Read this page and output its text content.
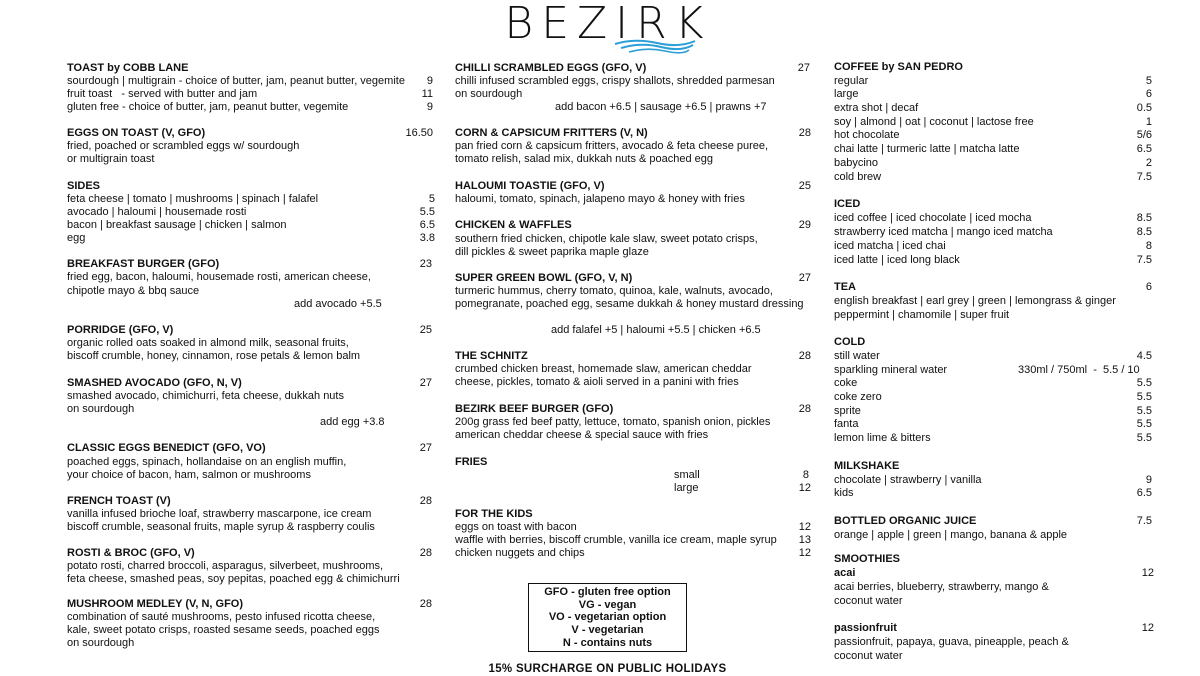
BEZIRK
TOAST by COBB LANE
sourdough | multigrain - choice of butter, jam, peanut butter, vegemite	9
fruit toast   - served with butter and jam	11
gluten free - choice of butter, jam, peanut butter, vegemite	9
EGGS ON TOAST (V, GFO)	16.50
fried, poached or scrambled eggs w/ sourdough
or multigrain toast
SIDES
feta cheese | tomato | mushrooms | spinach | falafel	5
avocado | haloumi | housemade rosti	5.5
bacon | breakfast sausage | chicken | salmon	6.5
egg	3.8
BREAKFAST BURGER (GFO)	23
fried egg, bacon, haloumi, housemade rosti, american cheese,
chipotle mayo & bbq sauce
add avocado +5.5
PORRIDGE (GFO, V)	25
organic rolled oats soaked in almond milk, seasonal fruits,
biscoff crumble, honey, cinnamon, rose petals & lemon balm
SMASHED AVOCADO (GFO, N, V)	27
smashed avocado, chimichurri, feta cheese, dukkah nuts
on sourdough
add egg +3.8
CLASSIC EGGS BENEDICT (GFO, VO)	27
poached eggs, spinach, hollandaise on an english muffin,
your choice of bacon, ham, salmon or mushrooms
FRENCH TOAST (V)	28
vanilla infused brioche loaf, strawberry mascarpone, ice cream
biscoff crumble, seasonal fruits, maple syrup & raspberry coulis
ROSTI & BROC (GFO, V)	28
potato rosti, charred broccoli, asparagus, silverbeet, mushrooms,
feta cheese, smashed peas, soy pepitas, poached egg & chimichurri
MUSHROOM MEDLEY (V, N, GFO)	28
combination of sauté mushrooms, pesto infused ricotta cheese,
kale, sweet potato crisps, roasted sesame seeds, poached eggs
on sourdough
CHILLI SCRAMBLED EGGS (GFO, V)	27
chilli infused scrambled eggs, crispy shallots, shredded parmesan
on sourdough
add bacon +6.5 | sausage +6.5 | prawns +7
CORN & CAPSICUM FRITTERS (V, N)	28
pan fried corn & capsicum fritters, avocado & feta cheese puree,
tomato relish, salad mix, dukkah nuts & poached egg
HALOUMI TOASTIE (GFO, V)	25
haloumi, tomato, spinach, jalapeno mayo & honey with fries
CHICKEN & WAFFLES	29
southern fried chicken, chipotle kale slaw, sweet potato crisps,
dill pickles & sweet paprika maple glaze
SUPER GREEN BOWL (GFO, V, N)	27
turmeric hummus, cherry tomato, quinoa, kale, walnuts, avocado,
pomegranate, poached egg, sesame dukkah & honey mustard dressing
add falafel +5 | haloumi +5.5 | chicken +6.5
THE SCHNITZ	28
crumbed chicken breast, homemade slaw, american cheddar
cheese, pickles, tomato & aioli served in a panini with fries
BEZIRK BEEF BURGER (GFO)	28
200g grass fed beef patty, lettuce, tomato, spanish onion, pickles
american cheddar cheese & special sauce with fries
FRIES
small	8
large	12
FOR THE KIDS
eggs on toast with bacon	12
waffle with berries, biscoff crumble, vanilla ice cream, maple syrup	13
chicken nuggets and chips	12
GFO - gluten free option
VG - vegan
VO - vegetarian option
V - vegetarian
N - contains nuts
15% SURCHARGE ON PUBLIC HOLIDAYS
COFFEE by SAN PEDRO
regular	5
large	6
extra shot | decaf	0.5
soy | almond | oat | coconut | lactose free	1
hot chocolate	5/6
chai latte | turmeric latte | matcha latte	6.5
babycino	2
cold brew	7.5
ICED
iced coffee | iced chocolate | iced mocha	8.5
strawberry iced matcha | mango iced matcha	8.5
iced matcha | iced chai	8
iced latte | iced long black	7.5
TEA	6
english breakfast | earl grey | green | lemongrass & ginger
peppermint | chamomile | super fruit
COLD
still water	4.5
sparkling mineral water	330ml / 750ml  -  5.5 / 10
coke	5.5
coke zero	5.5
sprite	5.5
fanta	5.5
lemon lime & bitters	5.5
MILKSHAKE
chocolate | strawberry | vanilla	9
kids	6.5
BOTTLED ORGANIC JUICE	7.5
orange | apple | green | mango, banana & apple
SMOOTHIES
acai	12
acai berries, blueberry, strawberry, mango &
coconut water
passionfruit	12
passionfruit, papaya, guava, pineapple, peach &
coconut water
